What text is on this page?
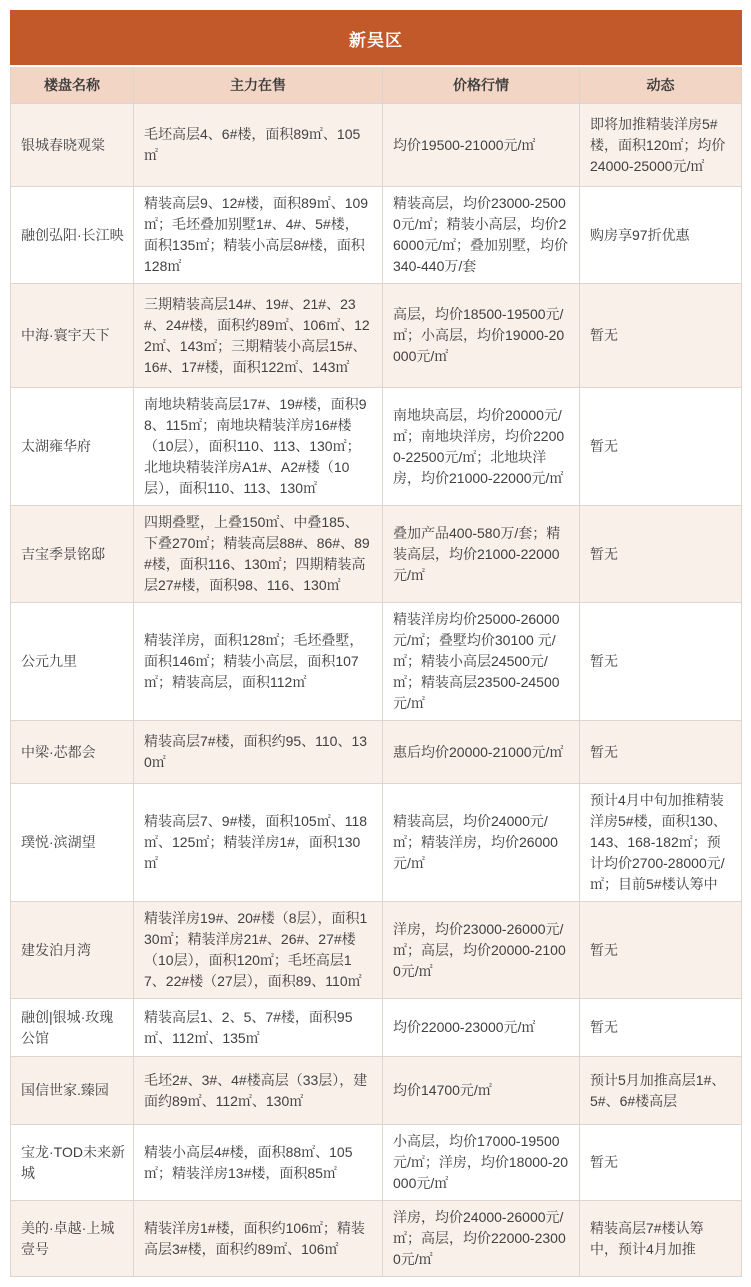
新吴区			
楼盘名称	主力在售	价格行情	动态
银城春晓观棠	毛坯高层4、6#楼，面积89㎡、105㎡	均价19500-21000元/㎡	即将加推精装洋房5#楼，面积120㎡；均价24000-25000元/㎡
融创弘阳·长江映	精装高层9、12#楼，面积89㎡、109㎡；毛坯叠加别墅1#、4#、5#楼，面积135㎡；精装小高层8#楼，面积128㎡	精装高层，均价23000-25000元/㎡；精装小高层，均价26000元/㎡；叠加别墅，均价340-440万/套	购房享97折优惠
中海·寰宇天下	三期精装高层14#、19#、21#、23#、24#楼，面积约89㎡、106㎡、122㎡、143㎡；三期精装小高层15#、16#、17#楼，面积122㎡、143㎡	高层，均价18500-19500元/㎡；小高层，均价19000-20000元/㎡	暂无
太湖雍华府	南地块精装高层17#、19#楼，面积98、115㎡；南地块精装洋房16#楼（10层），面积110、113、130㎡；北地块精装洋房A1#、A2#楼（10层），面积110、113、130㎡	南地块高层，均价20000元/㎡；南地块洋房，均价22000-22500元/㎡；北地块洋房，均价21000-22000元/㎡	暂无
吉宝季景铭邸	四期叠墅，上叠150㎡、中叠185、下叠270㎡；精装高层88#、86#、89#楼，面积116、130㎡；四期精装高层27#楼，面积98、116、130㎡	叠加产品400-580万/套；精装高层，均价21000-22000元/㎡	暂无
公元九里	精装洋房，面积128㎡；毛坯叠墅，面积146㎡；精装小高层，面积107㎡；精装高层，面积112㎡	精装洋房均价25000-26000元/㎡；叠墅均价30100 元/㎡；精装小高层24500元/㎡；精装高层23500-24500元/㎡	暂无
中梁·芯都会	精装高层7#楼，面积约95、110、130㎡	惠后均价20000-21000元/㎡	暂无
璞悦·滨湖望	精装高层7、9#楼，面积105㎡、118㎡、125㎡；精装洋房1#，面积130㎡	精装高层，均价24000元/㎡；精装洋房，均价26000元/㎡	预计4月中旬加推精装洋房5#楼，面积130、143、168-182㎡；预计均价2700-28000元/㎡；目前5#楼认筹中
建发泊月湾	精装洋房19#、20#楼（8层），面积130㎡；精装洋房21#、26#、27#楼（10层），面积120㎡；毛坯高层17、22#楼（27层），面积89、110㎡	洋房，均价23000-26000元/㎡；高层，均价20000-21000元/㎡	暂无
融创|银城·玫瑰公馆	精装高层1、2、5、7#楼，面积95㎡、112㎡、135㎡	均价22000-23000元/㎡	暂无
国信世家.臻园	毛坯2#、3#、4#楼高层（33层），建面约89㎡、112㎡、130㎡	均价14700元/㎡	预计5月加推高层1#、5#、6#楼高层
宝龙·TOD未来新城	精装小高层4#楼，面积88㎡、105㎡；精装洋房13#楼，面积85㎡	小高层，均价17000-19500元/㎡；洋房，均价18000-20000元/㎡	暂无
美的·卓越·上城壹号	精装洋房1#楼，面积约106㎡；精装高层3#楼，面积约89㎡、106㎡	洋房，均价24000-26000元/㎡；高层，均价22000-23000元/㎡	精装高层7#楼认筹中，预计4月加推
